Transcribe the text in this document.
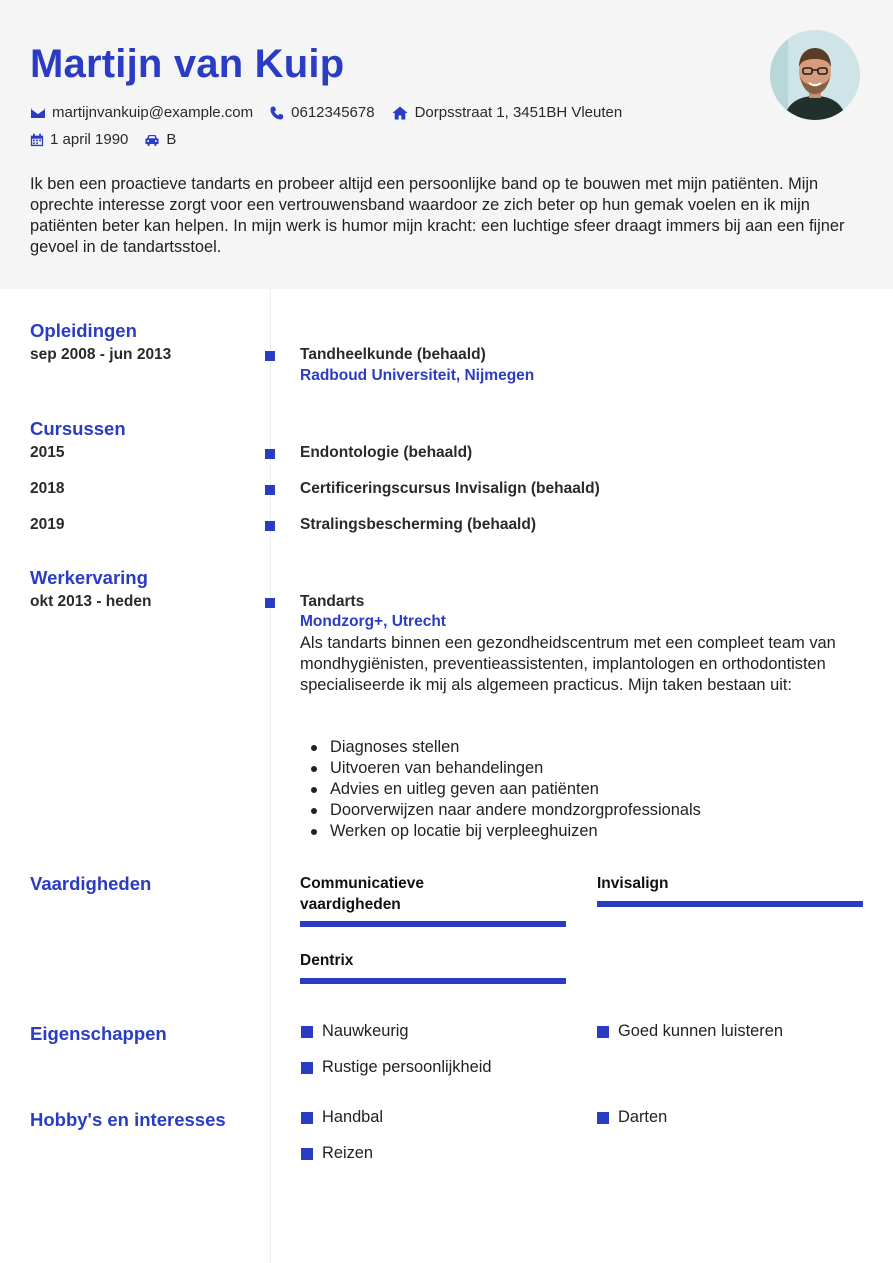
Martijn van Kuip
martijnvankuip@example.com	0612345678	Dorpsstraat 1, 3451BH Vleuten
1 april 1990	B
Ik ben een proactieve tandarts en probeer altijd een persoonlijke band op te bouwen met mijn patiënten. Mijn oprechte interesse zorgt voor een vertrouwensband waardoor ze zich beter op hun gemak voelen en ik mijn patiënten beter kan helpen. In mijn werk is humor mijn kracht: een luchtige sfeer draagt immers bij aan een fijner gevoel in de tandartsstoel.
Opleidingen
sep 2008 - jun 2013	Tandheelkunde (behaald)
Radboud Universiteit, Nijmegen
Cursussen
2015	Endontologie (behaald)
2018	Certificeringscursus Invisalign (behaald)
2019	Stralingsbescherming (behaald)
Werkervaring
okt 2013 - heden	Tandarts
Mondzorg+, Utrecht
Als tandarts binnen een gezondheidscentrum met een compleet team van mondhygiënisten, preventieassistenten, implantologen en orthodontisten specialiseerde ik mij als algemeen practicus. Mijn taken bestaan uit:
Diagnoses stellen
Uitvoeren van behandelingen
Advies en uitleg geven aan patiënten
Doorverwijzen naar andere mondzorgprofessionals
Werken op locatie bij verpleeghuizen
Vaardigheden	Communicatieve vaardigheden
Invisalign
Dentrix
Eigenschappen	Nauwkeurig	Goed kunnen luisteren
Rustige persoonlijkheid
Hobby's en interesses	Handbal	Darten
Reizen
